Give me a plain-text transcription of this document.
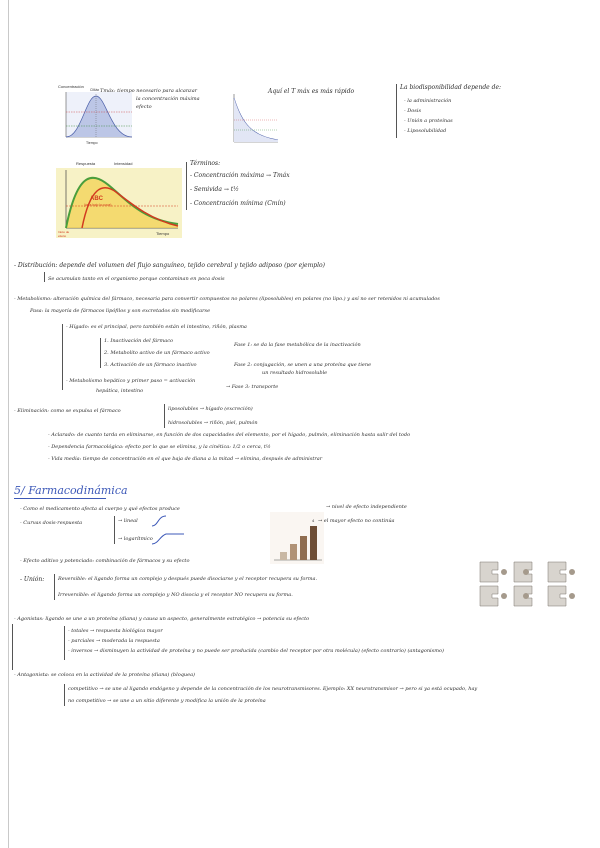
Concentración
CMáx
Tiempo
Tmáx: tiempo necesario para alcanzar
la concentración máxima
efecto
Aquí el T máx es más rápido
La biodisponibilidad depende de:
- la administración
- Dosis
- Unión a proteínas
- Liposolubilidad
Respuesta	Intensidad
ABC
(área bajo la curva)
Tiempo
Inicio de
efecto
Términos:
- Concentración máxima → Tmáx
- Semivida → t½
- Concentración mínima (Cmín)
- Distribución: depende del volumen del flujo sanguíneo, tejido cerebral y tejido adiposo (por ejemplo)
Se acumulan tanto en el organismo porque contaminan en poca dosis
- Metabolismo: alteración química del fármaco, necesaria para convertir compuestos no polares (liposolubles) en polares (no lipo.) y así no ser retenidos ni acumulados
Pasa: la mayoría de fármacos lipófilos y son excretados sin modificarse
- Hígado: es el principal, pero también están el intestino, riñón, plasma
1. Inactivación del fármaco
2. Metabolito activo de un fármaco activo
3. Activación de un fármaco inactivo
Fase 1: se da la fase metabólica de la inactivación
Fase 2: conjugación, se unen a una proteína que tiene
un resultado hidrosoluble
- Metabolismo hepático y primer paso = activación
hepática, intestino
→ Fase 3: transporte
- Eliminación: como se expulsa el fármaco	liposolubles → hígado (excreción)
hidrosolubles → riñón, piel, pulmón
- Aclarado: de cuanto tarda en eliminarse, en función de dos capacidades del elemento, por el hígado, pulmón, eliminación hasta salir del todo
- Dependencia farmacológica: efecto por lo que se elimina, y la cinética: 1/2 o cerca, t½
- Vida media: tiempo de concentración en el que baja de diana a la mitad → elimina, después de administrar
5/ Farmacodinámica
- Como el medicamento afecta al cuerpo y qué efectos produce	→ nivel de efecto independiente
- Curvas dosis-respuesta	→ lineal
→ logarítmico
4 → el mayor efecto no continúa
- Efecto aditivo y potenciado: combinación de fármacos y su efecto
- Unión:	Reversible: el ligando forma un complejo y después puede disociarse y el receptor recupera su forma.
Irreversible: el ligando forma un complejo y NO disocia y el receptor NO recupera su forma.
- Agonistas: ligando se une a un proteína (diana) y causa un aspecto, generalmente estratégico → potencia su efecto
- totales → respuesta biológica mayor
- parciales → moderada la respuesta
- inversos → disminuyen la actividad de proteína y no puede ser producida (cambio del receptor por otra molécula) (efecto contrario) (antagonismo)
- Antagonista: se coloca en la actividad de la proteína (diana) (bloquea)
competitivo → se une al ligando endógeno y depende de la concentración de los neurotransmisores. Ejemplo: XX neurotransmisor → pero si ya está ocupado, hay
no competitivo → se une a un sitio diferente y modifica la unión de la proteína
